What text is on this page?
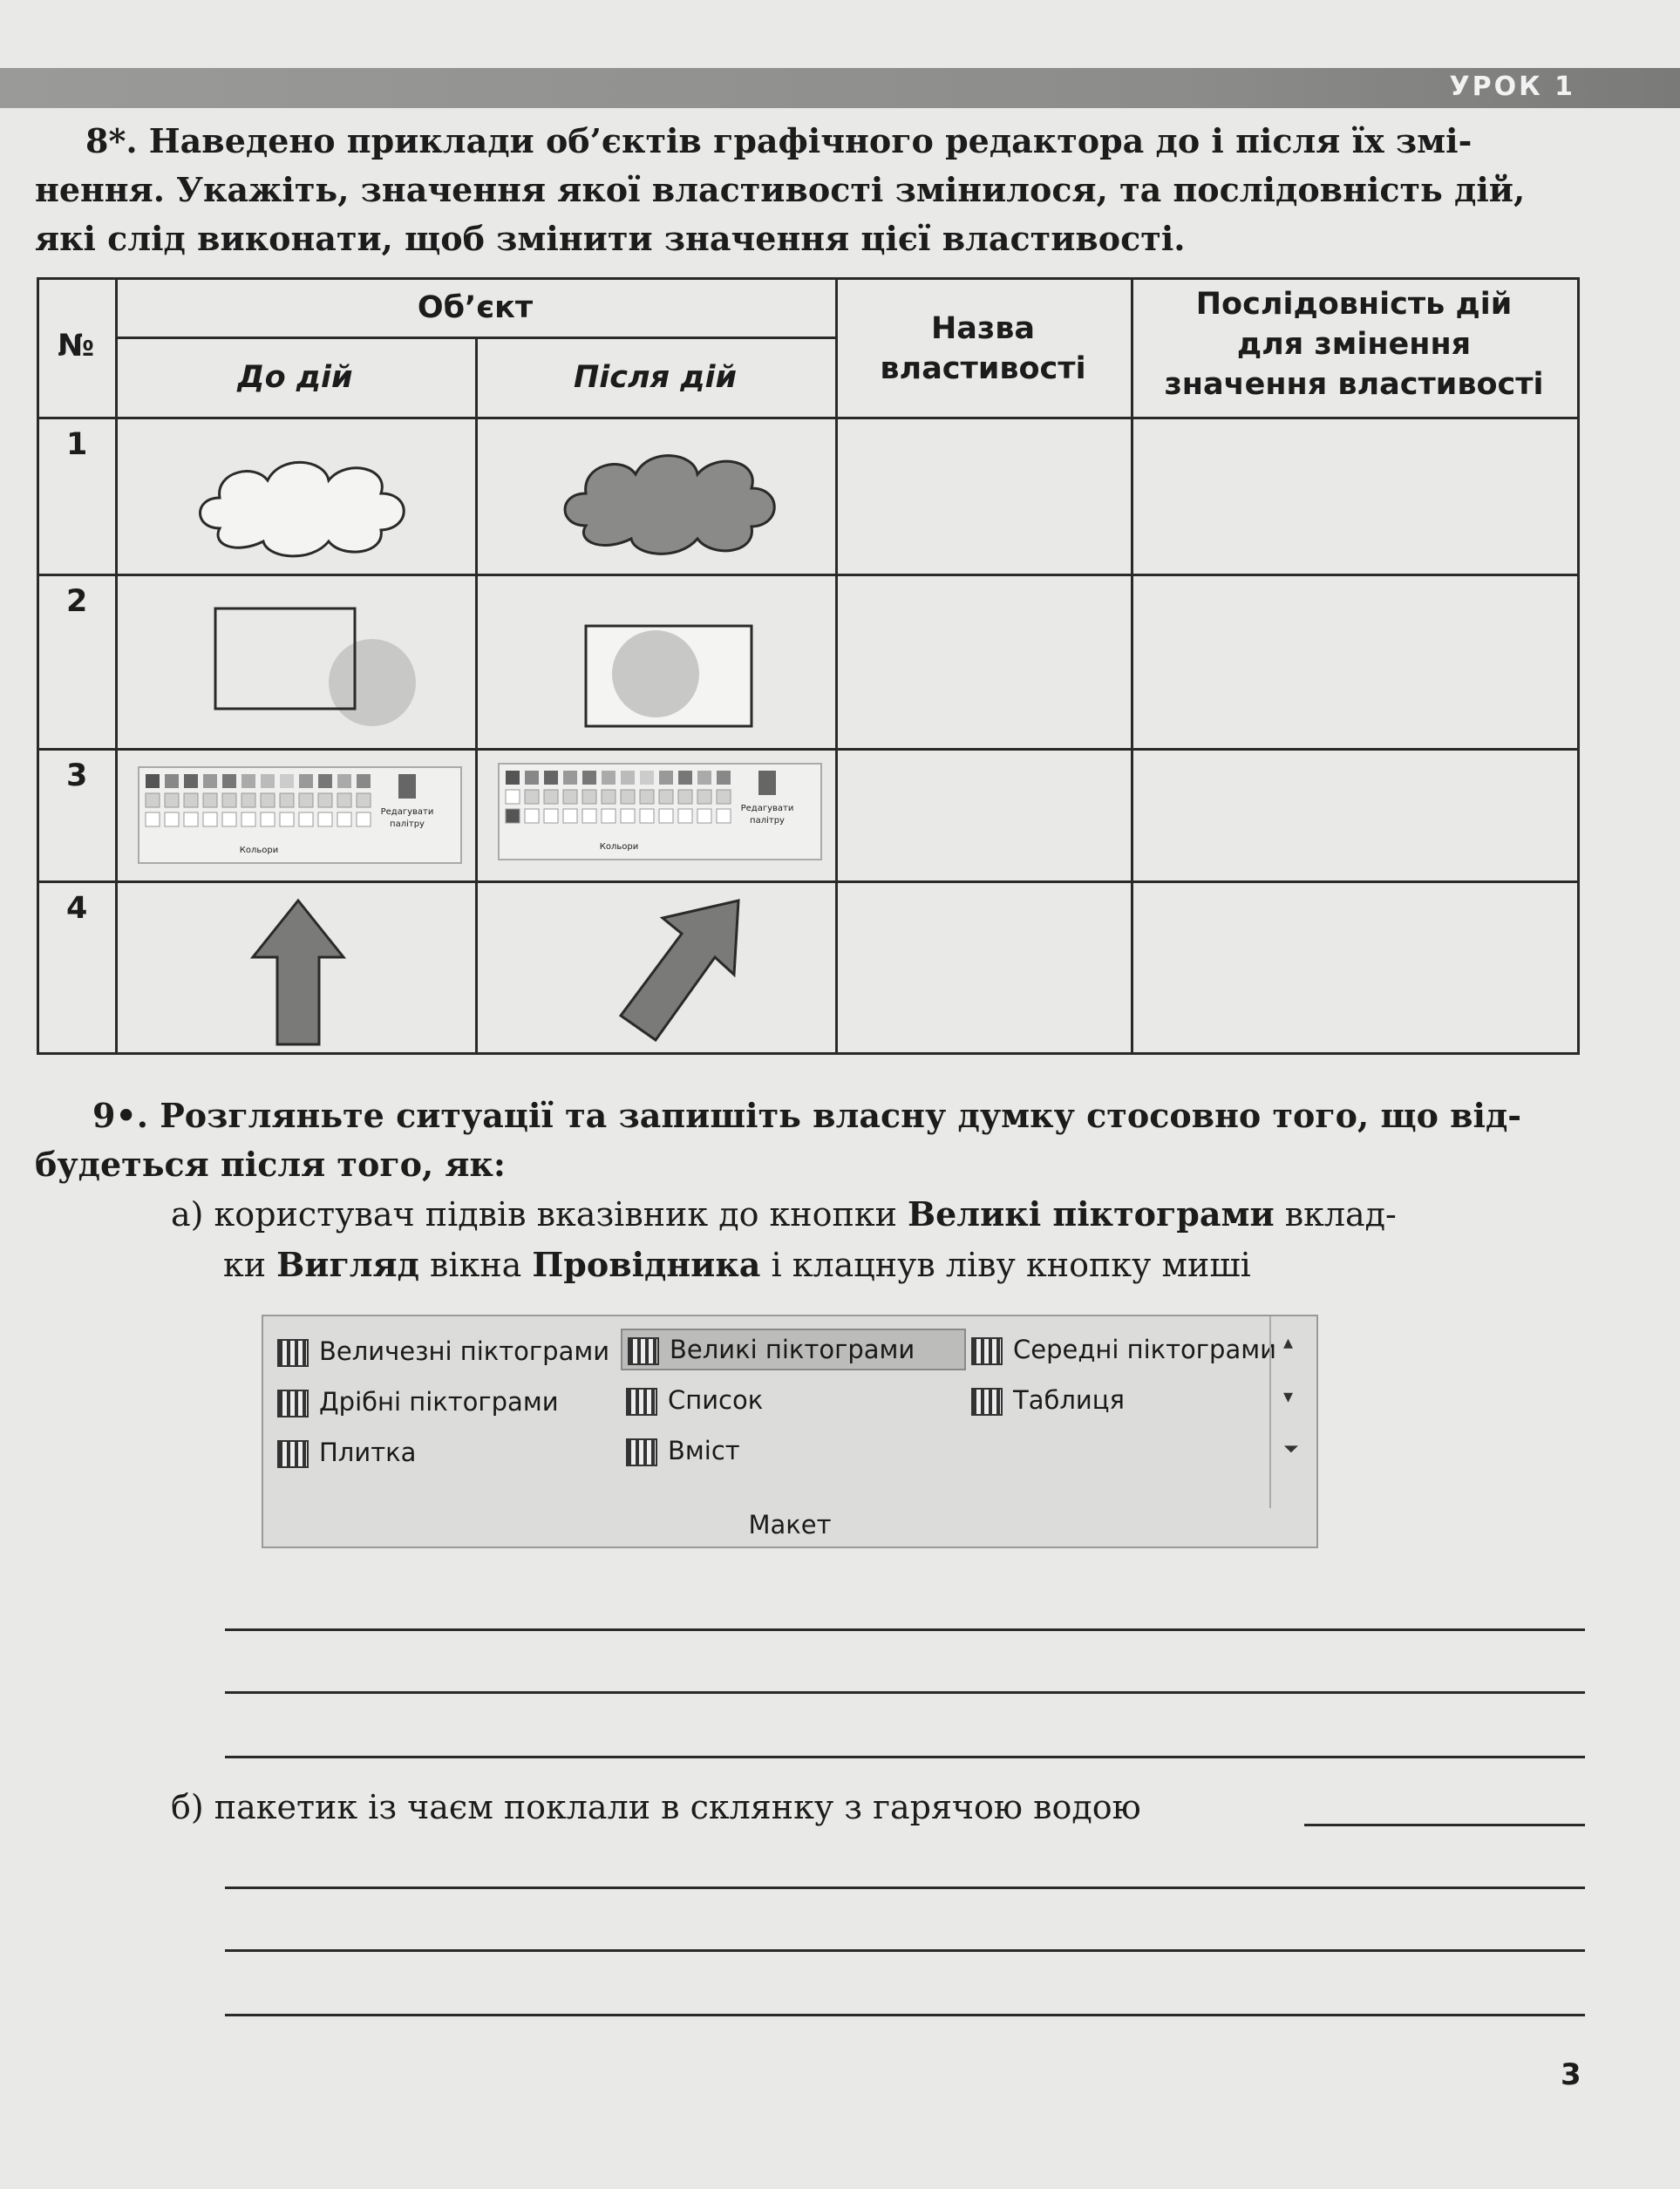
УРОК 1
8*. Наведено приклади об’єктів графічного редактора до і після їх змі-
нення. Укажіть, значення якої властивості змінилося, та послідовність дій,
які слід виконати, щоб змінити значення цієї властивості.
№
Об’єкт
До дій	Після дій
Назва
властивості
Послідовність дій
для змінення
значення властивості
1
2
3
4
Редагувати
палітру
Кольори
Редагувати
палітру
Кольори
9•. Розгляньте ситуації та запишіть власну думку стосовно того, що від-
будеться після того, як:
а) користувач підвів вказівник до кнопки Великі піктограми вклад-
ки Вигляд вікна Провідника і клацнув ліву кнопку миші
Величезні піктограми	Великі піктограми	Середні піктограми
Дрібні піктограми	Список	Таблиця
Плитка	Вміст
▴
▾
⏷
Макет
б) пакетик із чаєм поклали в склянку з гарячою водою
3
